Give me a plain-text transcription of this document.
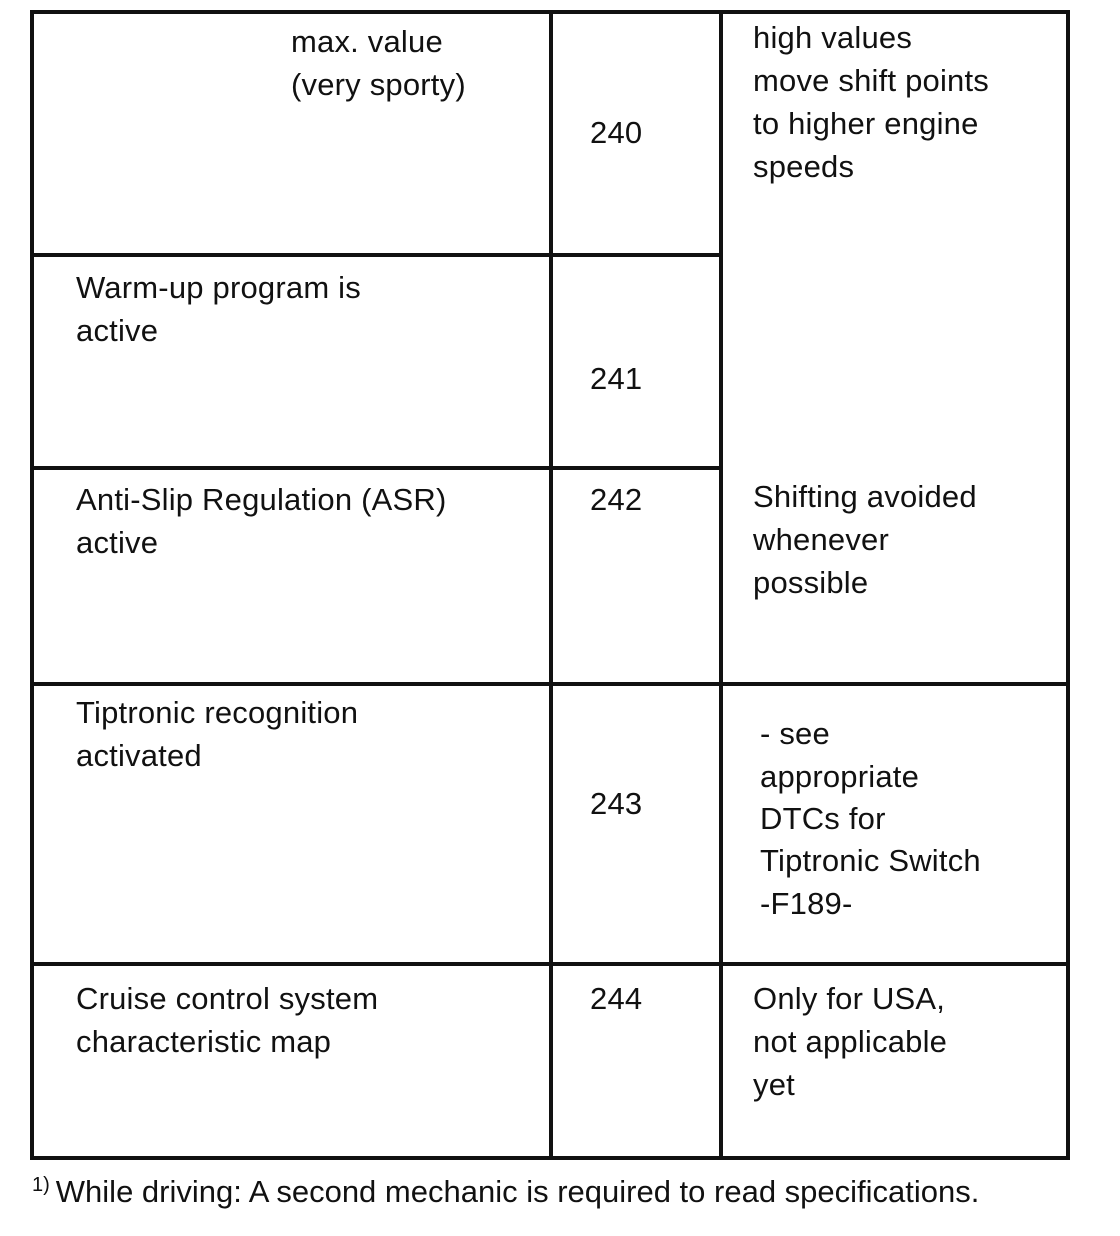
max. value
(very sporty)
240
high values
move shift points
to higher engine
speeds
Warm-up program is
active
241
Anti-Slip Regulation (ASR)
active
242	Shifting avoided
whenever
possible
Tiptronic recognition
activated
243
- see
appropriate
DTCs for
Tiptronic Switch
-F189-
Cruise control system
characteristic map
244	Only for USA,
not applicable
yet
$^{1)}$ While driving: A second mechanic is required to read specifications.
